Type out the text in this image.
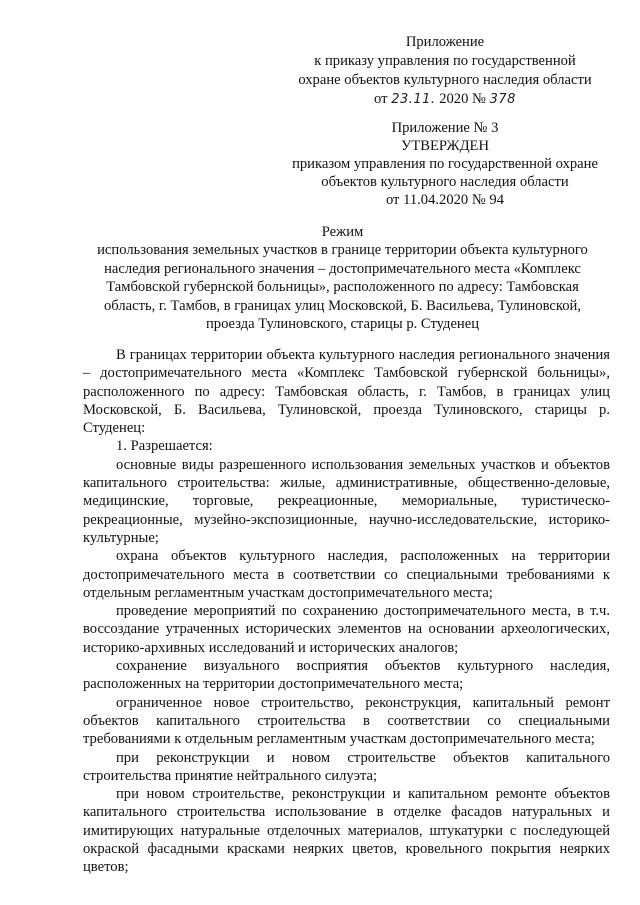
Приложение
к приказу управления по государственной
охране объектов культурного наследия области
от 23.11. 2020 № 378
Приложение № 3
УТВЕРЖДЕН
приказом управления по государственной охране
объектов культурного наследия области
от 11.04.2020 № 94
Режим
использования земельных участков в границе территории объекта культурного
наследия регионального значения – достопримечательного места «Комплекс
Тамбовской губернской больницы», расположенного по адресу: Тамбовская
область, г. Тамбов, в границах улиц Московской, Б. Васильева, Тулиновской,
проезда Тулиновского, старицы р. Студенец

В границах территории объекта культурного наследия регионального значения – достопримечательного места «Комплекс Тамбовской губернской больницы», расположенного по адресу: Тамбовская область, г. Тамбов, в границах улиц Московской, Б. Васильева, Тулиновской, проезда Тулиновского, старицы р. Студенец:

1. Разрешается:

основные виды разрешенного использования земельных участков и объектов капитального строительства: жилые, административные, общественно-деловые, медицинские, торговые, рекреационные, мемориальные, туристическо-рекреационные, музейно-экспозиционные, научно-исследовательские, историко-культурные;

охрана объектов культурного наследия, расположенных на территории достопримечательного места в соответствии со специальными требованиями к отдельным регламентным участкам достопримечательного места;

проведение мероприятий по сохранению достопримечательного места, в т.ч. воссоздание утраченных исторических элементов на основании археологических, историко-архивных исследований и исторических аналогов;

сохранение визуального восприятия объектов культурного наследия, расположенных на территории достопримечательного места;

ограниченное новое строительство, реконструкция, капитальный ремонт объектов капитального строительства в соответствии со специальными требованиями к отдельным регламентным участкам достопримечательного места;

при реконструкции и новом строительстве объектов капитального строительства принятие нейтрального силуэта;

при новом строительстве, реконструкции и капитальном ремонте объектов капитального строительства использование в отделке фасадов натуральных и имитирующих натуральные отделочных материалов, штукатурки с последующей окраской фасадными красками неярких цветов, кровельного покрытия неярких цветов;
